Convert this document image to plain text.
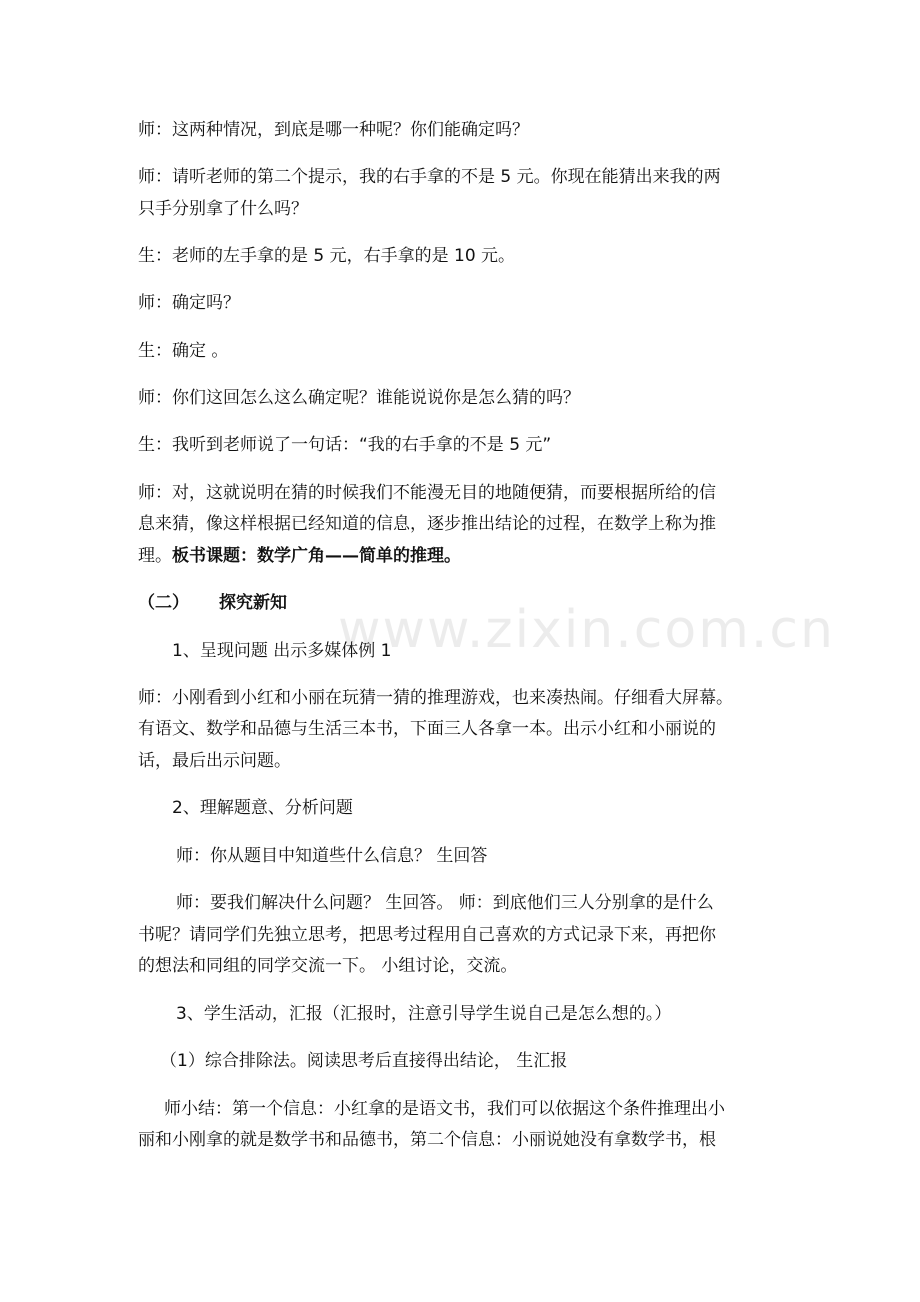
师：这两种情况，到底是哪一种呢？你们能确定吗？
师：请听老师的第二个提示，我的右手拿的不是 5 元。你现在能猜出来我的两
只手分别拿了什么吗？
生：老师的左手拿的是 5 元，右手拿的是 10 元。
师：确定吗？
生：确定 。
师：你们这回怎么这么确定呢？谁能说说你是怎么猜的吗？
生：我听到老师说了一句话：“我的右手拿的不是 5 元”
师：对，这就说明在猜的时候我们不能漫无目的地随便猜，而要根据所给的信
息来猜，像这样根据已经知道的信息，逐步推出结论的过程，在数学上称为推
理。板书课题：数学广角——简单的推理。
（二） 探究新知
1、呈现问题 出示多媒体例 1
师：小刚看到小红和小丽在玩猜一猜的推理游戏，也来凑热闹。仔细看大屏幕。
有语文、数学和品德与生活三本书，下面三人各拿一本。出示小红和小丽说的
话，最后出示问题。
2、理解题意、分析问题
师：你从题目中知道些什么信息？ 生回答
师：要我们解决什么问题？ 生回答。 师：到底他们三人分别拿的是什么
书呢？请同学们先独立思考，把思考过程用自己喜欢的方式记录下来，再把你
的想法和同组的同学交流一下。 小组讨论，交流。
3、学生活动，汇报（汇报时，注意引导学生说自己是怎么想的。）
（1）综合排除法。阅读思考后直接得出结论， 生汇报
师小结：第一个信息：小红拿的是语文书，我们可以依据这个条件推理出小
丽和小刚拿的就是数学书和品德书，第二个信息：小丽说她没有拿数学书，根
www.zixin.com.cn
